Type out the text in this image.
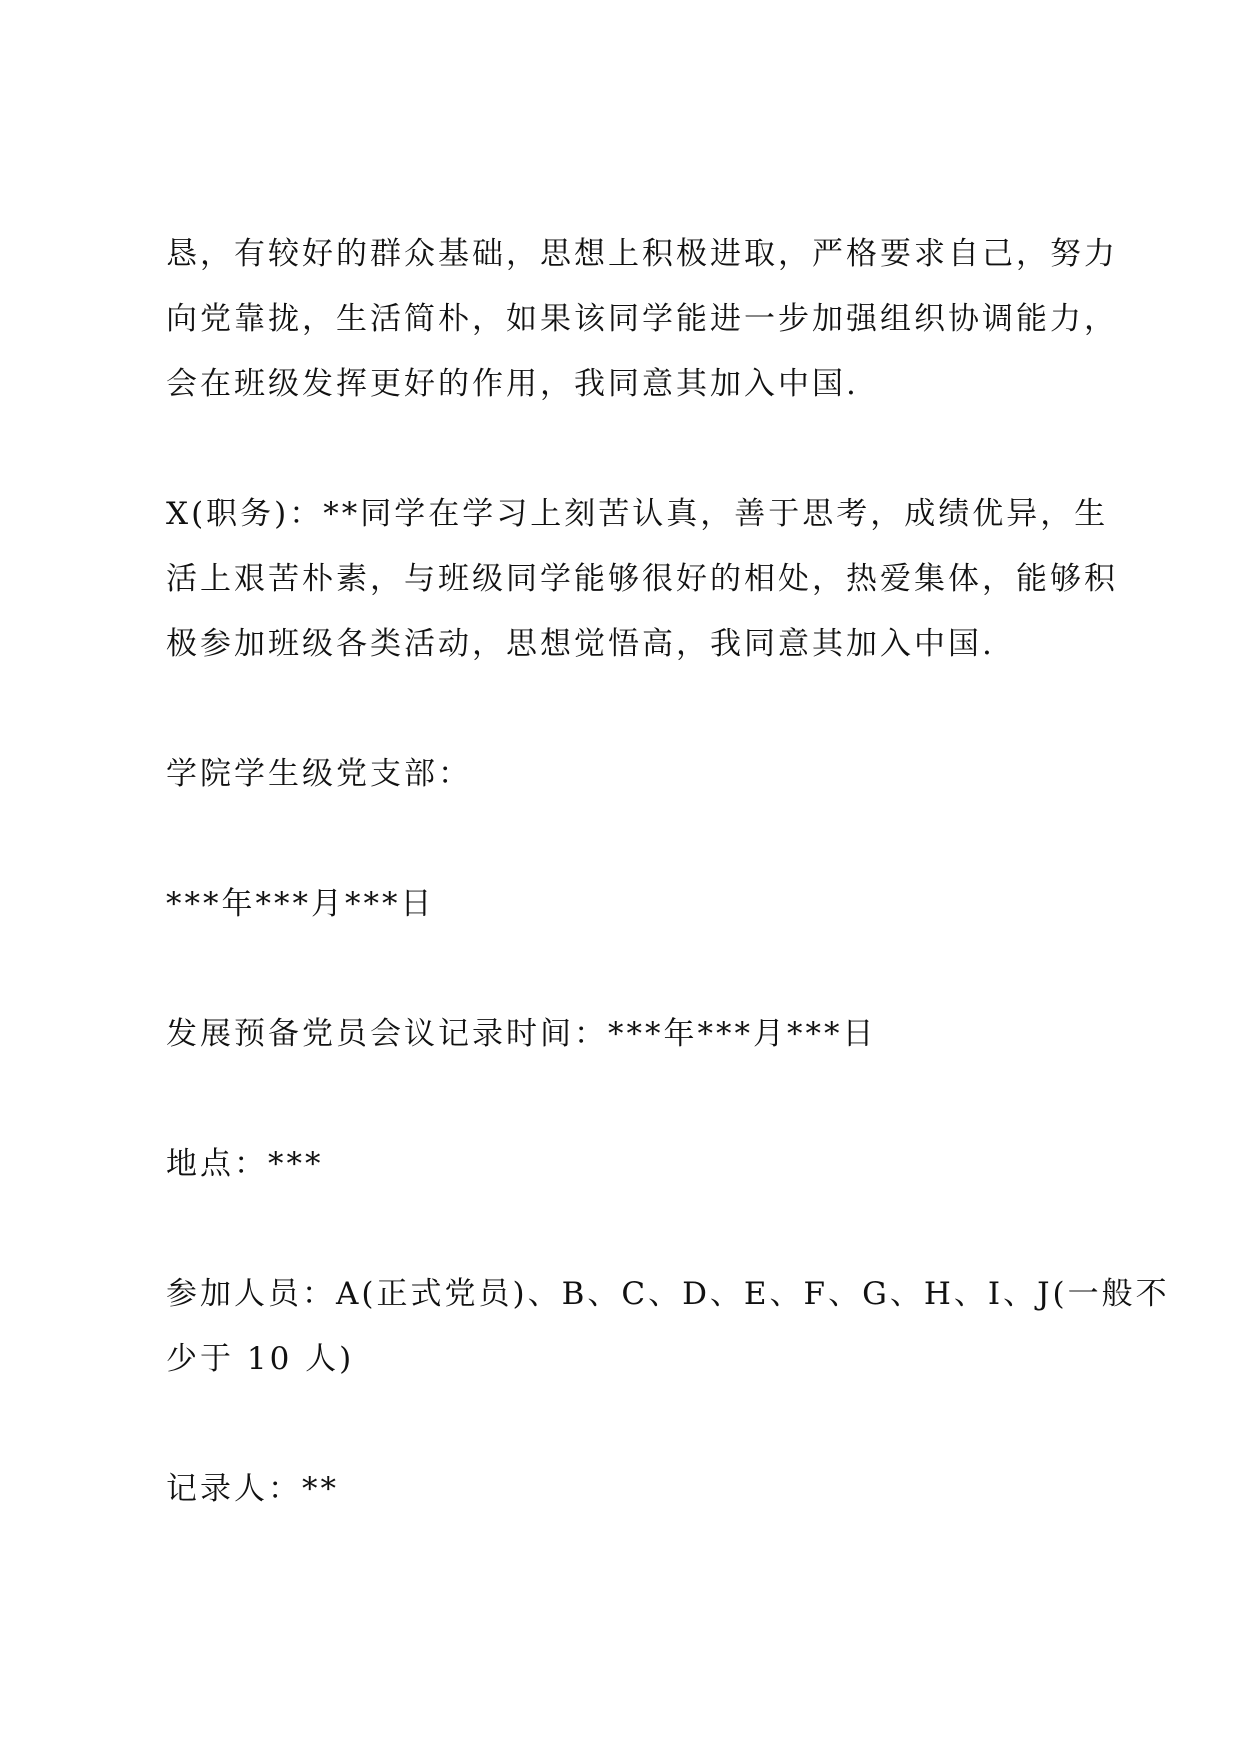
恳，有较好的群众基础，思想上积极进取，严格要求自己，努力
向党靠拢，生活简朴，如果该同学能进一步加强组织协调能力，
会在班级发挥更好的作用，我同意其加入中国.
X(职务)：**同学在学习上刻苦认真，善于思考，成绩优异，生
活上艰苦朴素，与班级同学能够很好的相处，热爱集体，能够积
极参加班级各类活动，思想觉悟高，我同意其加入中国.
学院学生级党支部：
***年***月***日
发展预备党员会议记录时间：***年***月***日
地点：***
参加人员：A(正式党员)、B、C、D、E、F、G、H、I、J(一般不
少于 10 人)
记录人：**
